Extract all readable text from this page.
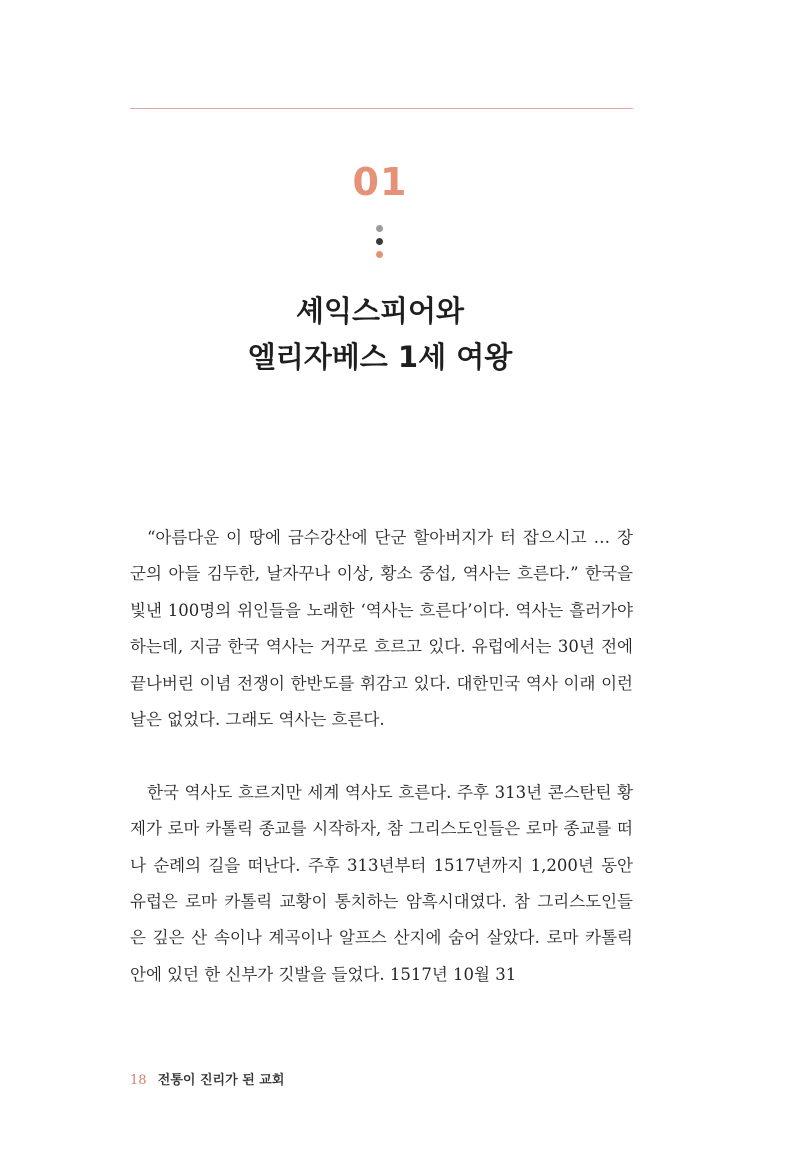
01
셰익스피어와
엘리자베스 1세 여왕

“아름다운 이 땅에 금수강산에 단군 할아버지가 터 잡으시고 … 장군의 아들 김두한, 날자꾸나 이상, 황소 중섭, 역사는 흐른다.” 한국을 빛낸 100명의 위인들을 노래한 ‘역사는 흐른다’이다. 역사는 흘러가야 하는데, 지금 한국 역사는 거꾸로 흐르고 있다. 유럽에서는 30년 전에 끝나버린 이념 전쟁이 한반도를 휘감고 있다. 대한민국 역사 이래 이런 날은 없었다. 그래도 역사는 흐른다.

한국 역사도 흐르지만 세계 역사도 흐른다. 주후 313년 콘스탄틴 황제가 로마 카톨릭 종교를 시작하자, 참 그리스도인들은 로마 종교를 떠나 순례의 길을 떠난다. 주후 313년부터 1517년까지 1,200년 동안 유럽은 로마 카톨릭 교황이 통치하는 암흑시대였다. 참 그리스도인들은 깊은 산 속이나 계곡이나 알프스 산지에 숨어 살았다. 로마 카톨릭 안에 있던 한 신부가 깃발을 들었다. 1517년 10월 31

18 전통이 진리가 된 교회
